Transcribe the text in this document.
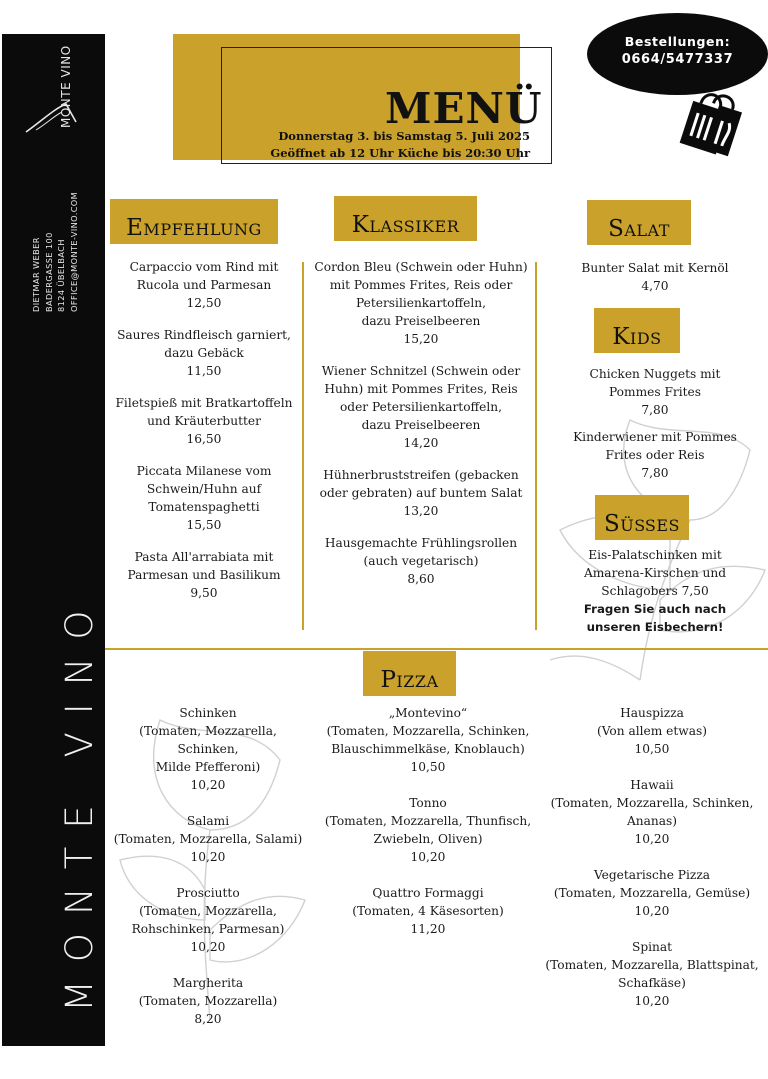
MONTE VINO
DIETMAR WEBER BADERGASSE 100 8124 ÜBELBACH OFFICE@MONTE-VINO.COM
MONTE VINO
MENÜ
Donnerstag 3. bis Samstag 5. Juli 2025
Geöffnet ab 12 Uhr Küche bis 20:30 Uhr
Bestellungen:
0664/5477337
Empfehlung	Klassiker	Salat
Kids
Süßes
Pizza
Carpaccio vom Rind mit
Rucola und Parmesan
12,50
Saures Rindfleisch garniert,
dazu Gebäck
11,50
Filetspieß mit Bratkartoffeln
und Kräuterbutter
16,50
Piccata Milanese vom
Schwein/Huhn auf
Tomatenspaghetti
15,50
Pasta All'arrabiata mit
Parmesan und Basilikum
9,50
Cordon Bleu (Schwein oder Huhn)
mit Pommes Frites, Reis oder
Petersilienkartoffeln,
dazu Preiselbeeren
15,20
Wiener Schnitzel (Schwein oder
Huhn) mit Pommes Frites, Reis
oder Petersilienkartoffeln,
dazu Preiselbeeren
14,20
Hühnerbruststreifen (gebacken
oder gebraten) auf buntem Salat
13,20
Hausgemachte Frühlingsrollen
(auch vegetarisch)
8,60
Bunter Salat mit Kernöl
4,70
Chicken Nuggets mit
Pommes Frites
7,80
Kinderwiener mit Pommes
Frites oder Reis
7,80
Eis-Palatschinken mit
Amarena-Kirschen und
Schlagobers 7,50
Fragen Sie auch nach
unseren Eisbechern!
Schinken
(Tomaten, Mozzarella, Schinken,
Milde Pfefferoni)
10,20
Salami
(Tomaten, Mozzarella, Salami)
10,20
Prosciutto
(Tomaten, Mozzarella,
Rohschinken, Parmesan)
10,20
Margherita
(Tomaten, Mozzarella)
8,20
„Montevino“
(Tomaten, Mozzarella, Schinken,
Blauschimmelkäse, Knoblauch)
10,50
Tonno
(Tomaten, Mozzarella, Thunfisch,
Zwiebeln, Oliven)
10,20
Quattro Formaggi
(Tomaten, 4 Käsesorten)
11,20
Hauspizza
(Von allem etwas)
10,50
Hawaii
(Tomaten, Mozzarella, Schinken,
Ananas)
10,20
Vegetarische Pizza
(Tomaten, Mozzarella, Gemüse)
10,20
Spinat
(Tomaten, Mozzarella, Blattspinat,
Schafkäse)
10,20
